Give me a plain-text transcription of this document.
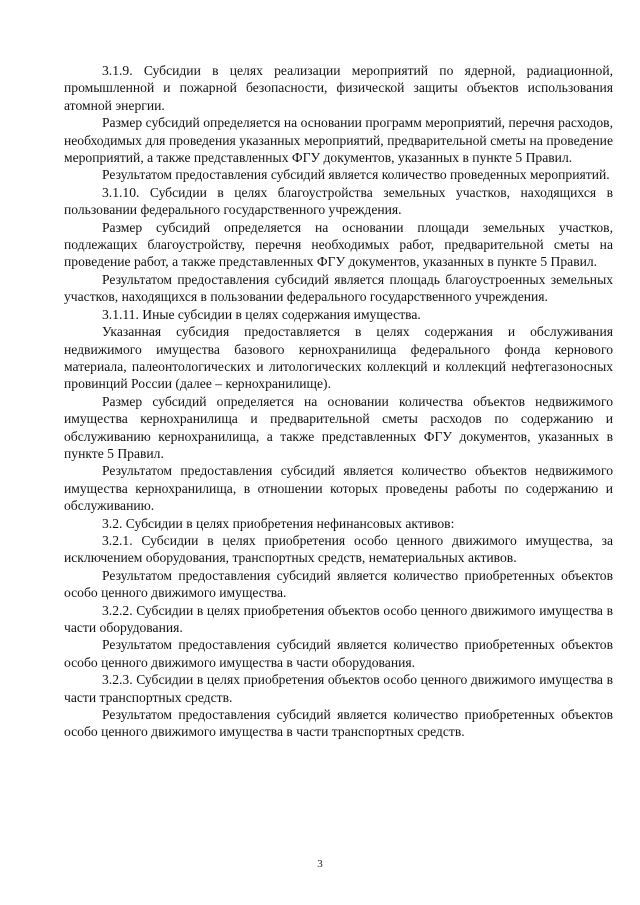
3.1.9. Субсидии в целях реализации мероприятий по ядерной, радиационной, промышленной и пожарной безопасности, физической защиты объектов использования атомной энергии.

Размер субсидий определяется на основании программ мероприятий, перечня расходов, необходимых для проведения указанных мероприятий, предварительной сметы на проведение мероприятий, а также представленных ФГУ документов, указанных в пункте 5 Правил.

Результатом предоставления субсидий является количество проведенных мероприятий.

3.1.10. Субсидии в целях благоустройства земельных участков, находящихся в пользовании федерального государственного учреждения.

Размер субсидий определяется на основании площади земельных участков, подлежащих благоустройству, перечня необходимых работ, предварительной сметы на проведение работ, а также представленных ФГУ документов, указанных в пункте 5 Правил.

Результатом предоставления субсидий является площадь благоустроенных земельных участков, находящихся в пользовании федерального государственного учреждения.

3.1.11. Иные субсидии в целях содержания имущества.

Указанная субсидия предоставляется в целях содержания и обслуживания недвижимого имущества базового кернохранилища федерального фонда кернового материала, палеонтологических и литологических коллекций и коллекций нефтегазоносных провинций России (далее – кернохранилище).

Размер субсидий определяется на основании количества объектов недвижимого имущества кернохранилища и предварительной сметы расходов по содержанию и обслуживанию кернохранилища, а также представленных ФГУ документов, указанных в пункте 5 Правил.

Результатом предоставления субсидий является количество объектов недвижимого имущества кернохранилища, в отношении которых проведены работы по содержанию и обслуживанию.

3.2. Субсидии в целях приобретения нефинансовых активов:

3.2.1. Субсидии в целях приобретения особо ценного движимого имущества, за исключением оборудования, транспортных средств, нематериальных активов.

Результатом предоставления субсидий является количество приобретенных объектов особо ценного движимого имущества.

3.2.2. Субсидии в целях приобретения объектов особо ценного движимого имущества в части оборудования.

Результатом предоставления субсидий является количество приобретенных объектов особо ценного движимого имущества в части оборудования.

3.2.3. Субсидии в целях приобретения объектов особо ценного движимого имущества в части транспортных средств.

Результатом предоставления субсидий является количество приобретенных объектов особо ценного движимого имущества в части транспортных средств.

3
